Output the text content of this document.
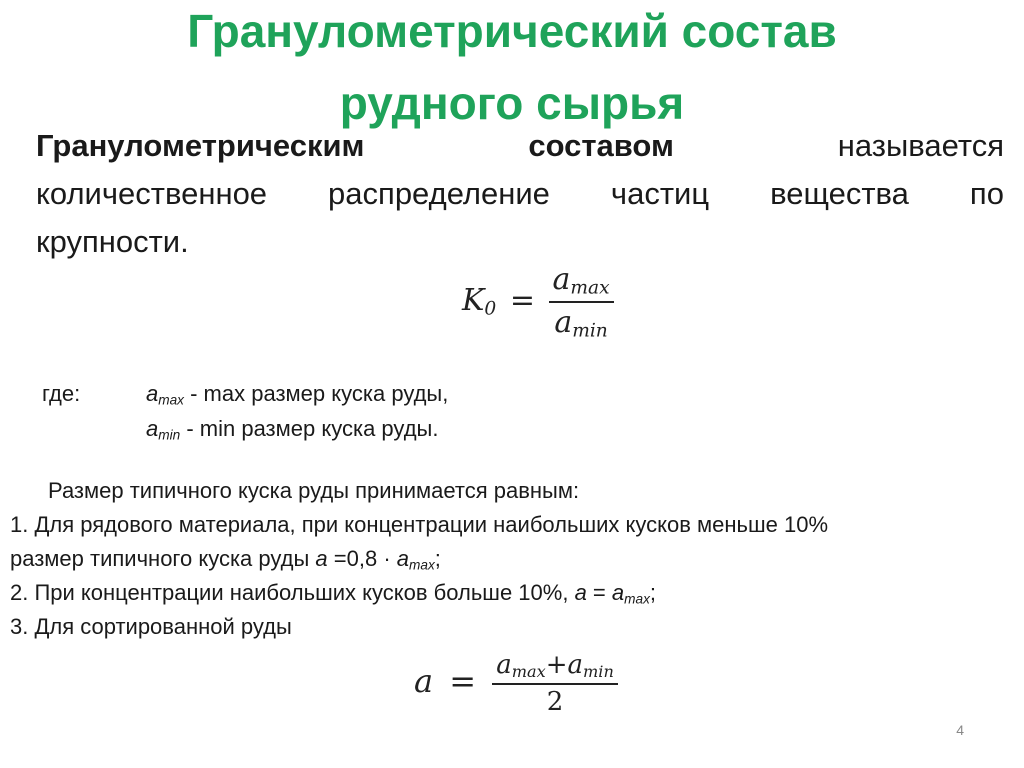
Гранулометрический состав
рудного сырья
Гранулометрическим	составом	называется
количественное распределение частиц вещества по
крупности.
$K_0 = \frac{a_{max}}{a_{min}}$
где:	$a_{max}$ - max размер куска руды,
$a_{min}$ - min размер куска руды.
Размер типичного куска руды принимается равным:
1. Для рядового материала, при концентрации наибольших кусков меньше 10%
размер типичного куска руды $a =0,8 \cdot a_{max}$;
2. При концентрации наибольших кусков больше 10%, $a = a_{max}$;
3. Для сортированной руды
$a = \frac{a_{max}+a_{min}}{2}$
4
